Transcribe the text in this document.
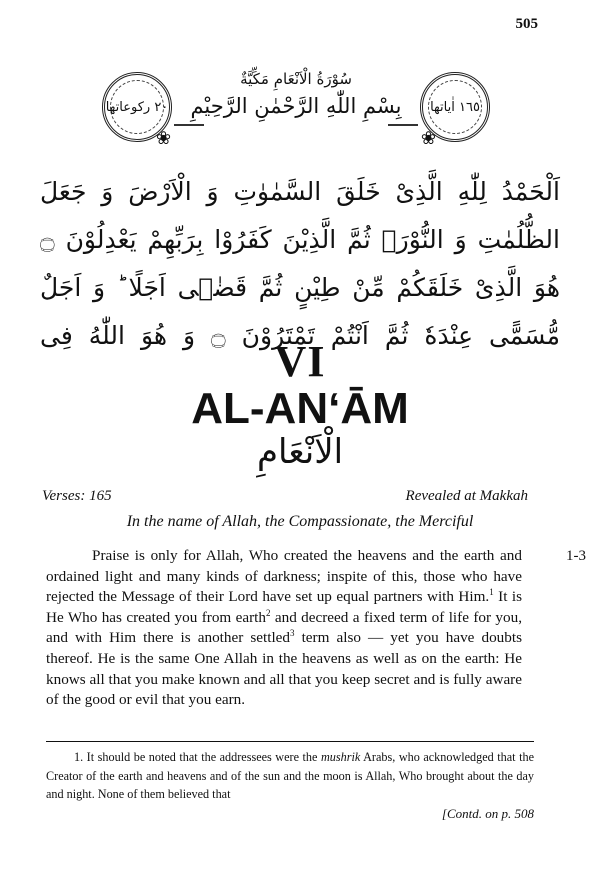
505
٢٠ ركوعاتها
❀
سُوْرَةُ الْاَنْعَامِ مَكِّيَّةٌ
بِسْمِ اللّٰهِ الرَّحْمٰنِ الرَّحِيْمِ
❀
١٦٥ اٰياتها
اَلْحَمْدُ لِلّٰهِ الَّذِیْ خَلَقَ السَّمٰوٰتِ وَ الْاَرْضَ وَ جَعَلَ الظُّلُمٰتِ وَ النُّوْرَ۬ ثُمَّ الَّذِیْنَ كَفَرُوْا بِرَبِّهِمْ یَعْدِلُوْنَ ۝ هُوَ الَّذِیْ خَلَقَكُمْ مِّنْ طِیْنٍ ثُمَّ قَضٰۤى اَجَلًا ؕ وَ اَجَلٌ مُّسَمًّى عِنْدَهٗ ثُمَّ اَنْتُمْ تَمْتَرُوْنَ ۝ وَ هُوَ اللّٰهُ فِی
VI
AL-AN‘ĀM
الْاَنْعَامِ
Verses: 165	Revealed at Makkah
In the name of Allah, the Compassionate, the Merciful
1-3
Praise is only for Allah, Who created the heavens and the earth and ordained light and many kinds of darkness; inspite of this, those who have rejected the Message of their Lord have set up equal partners with Him.$^1$ It is He Who has created you from earth$^2$ and decreed a fixed term of life for you, and with Him there is another settled$^3$ term also — yet you have doubts thereof. He is the same One Allah in the heavens as well as on the earth: He knows all that you make known and all that you keep secret and is fully aware of the good or evil that you earn.
1. It should be noted that the addressees were the mushrik Arabs, who acknowledged that the Creator of the earth and heavens and of the sun and the moon is Allah, Who brought about the day and night. None of them believed that
[Contd. on p. 508
